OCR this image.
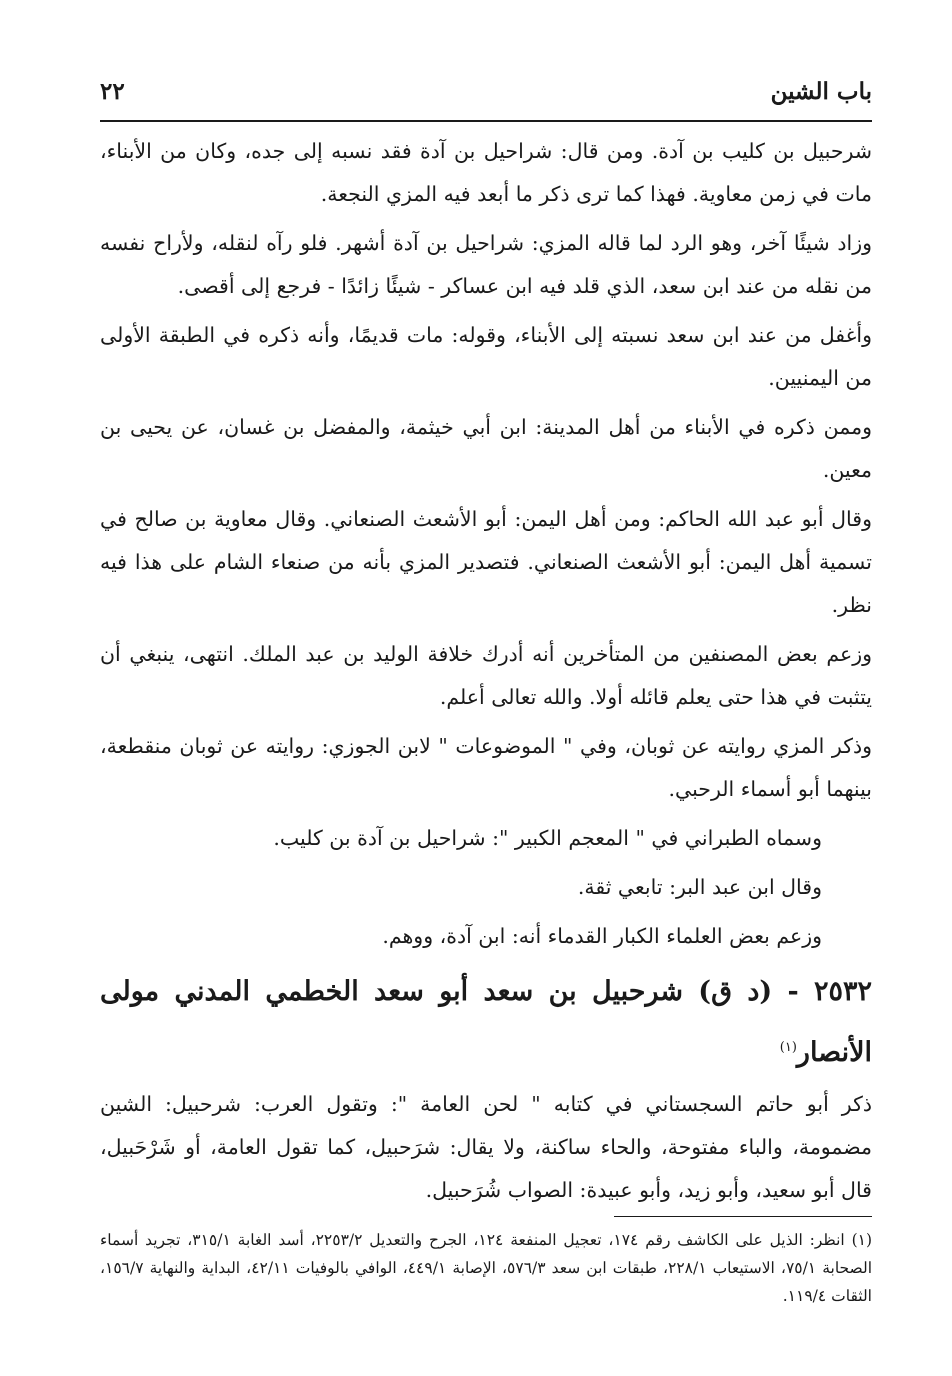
باب الشين
٢٢

شرحبيل بن كليب بن آدة. ومن قال: شراحيل بن آدة فقد نسبه إلى جده، وكان من الأبناء، مات في زمن معاوية. فهذا كما ترى ذكر ما أبعد فيه المزي النجعة.

وزاد شيئًا آخر، وهو الرد لما قاله المزي: شراحيل بن آدة أشهر. فلو رآه لنقله، ولأراح نفسه من نقله من عند ابن سعد، الذي قلد فيه ابن عساكر - شيئًا زائدًا - فرجع إلى أقصى.

وأغفل من عند ابن سعد نسبته إلى الأبناء، وقوله: مات قديمًا، وأنه ذكره في الطبقة الأولى من اليمنيين.

وممن ذكره في الأبناء من أهل المدينة: ابن أبي خيثمة، والمفضل بن غسان، عن يحيى بن معين.

وقال أبو عبد الله الحاكم: ومن أهل اليمن: أبو الأشعث الصنعاني. وقال معاوية بن صالح في تسمية أهل اليمن: أبو الأشعث الصنعاني. فتصدير المزي بأنه من صنعاء الشام على هذا فيه نظر.

وزعم بعض المصنفين من المتأخرين أنه أدرك خلافة الوليد بن عبد الملك. انتهى، ينبغي أن يتثبت في هذا حتى يعلم قائله أولا. والله تعالى أعلم.

وذكر المزي روايته عن ثوبان، وفي " الموضوعات " لابن الجوزي: روايته عن ثوبان منقطعة، بينهما أبو أسماء الرحبي.

وسماه الطبراني في " المعجم الكبير ": شراحيل بن آدة بن كليب.

وقال ابن عبد البر: تابعي ثقة.

وزعم بعض العلماء الكبار القدماء أنه: ابن آدة، ووهم.

٢٥٣٢ - (د ق) شرحبيل بن سعد أبو سعد الخطمي المدني مولى الأنصار$^{(١)}$

ذكر أبو حاتم السجستاني في كتابه " لحن العامة ": وتقول العرب: شرحبيل: الشين مضمومة، والباء مفتوحة، والحاء ساكنة، ولا يقال: شرَحبيل، كما تقول العامة، أو شَرْحَبيل، قال أبو سعيد، وأبو زيد، وأبو عبيدة: الصواب شُرَحبيل.

(١) انظر: الذيل على الكاشف رقم ١٧٤، تعجيل المنفعة ١٢٤، الجرح والتعديل ٢٢٥٣/٢، أسد الغابة ٣١٥/١، تجريد أسماء الصحابة ٧٥/١، الاستيعاب ٢٢٨/١، طبقات ابن سعد ٥٧٦/٣، الإصابة ٤٤٩/١، الوافي بالوفيات ٤٢/١١، البداية والنهاية ١٥٦/٧، الثقات ١١٩/٤.
